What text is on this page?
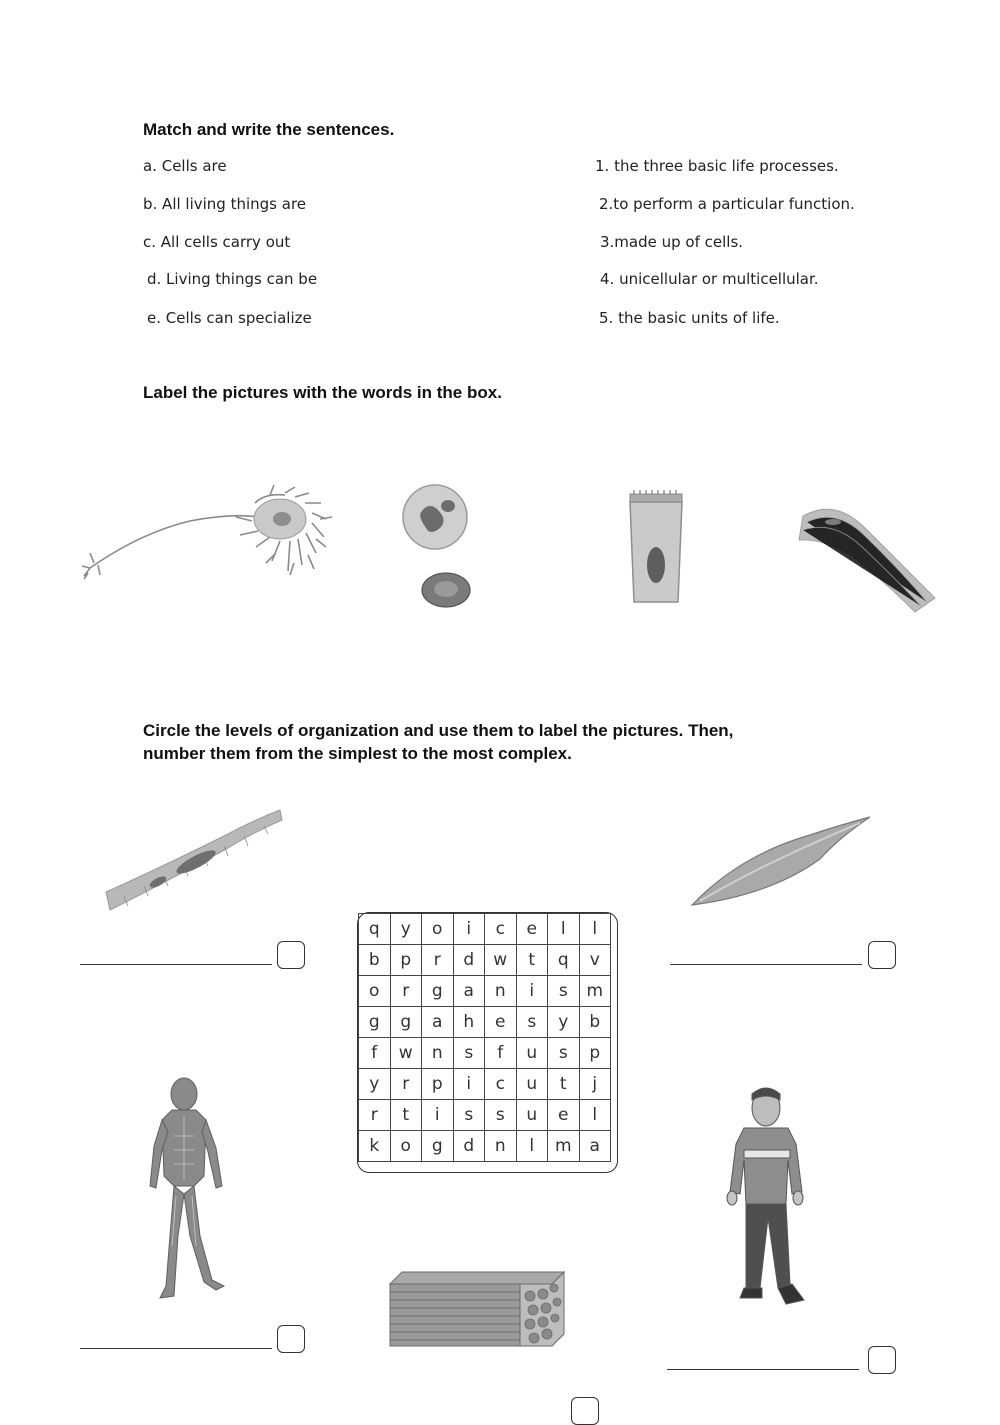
Match and write the sentences.
a. Cells are
b. All living things are
c. All cells carry out
d. Living things can be
e. Cells can specialize
1. the three basic life processes.
2.to perform a particular function.
3.made up of cells.
4. unicellular or multicellular.
5. the basic units of life.
Label the pictures with the words in the box.
Circle the levels of organization and use them to label the pictures. Then,
number them from the simplest to the most complex.
q	y	o	i	c	e	l	l
b	p	r	d	w	t	q	v
o	r	g	a	n	i	s	m
g	g	a	h	e	s	y	b
f	w	n	s	f	u	s	p
y	r	p	i	c	u	t	j
r	t	i	s	s	u	e	l
k	o	g	d	n	l	m	a
